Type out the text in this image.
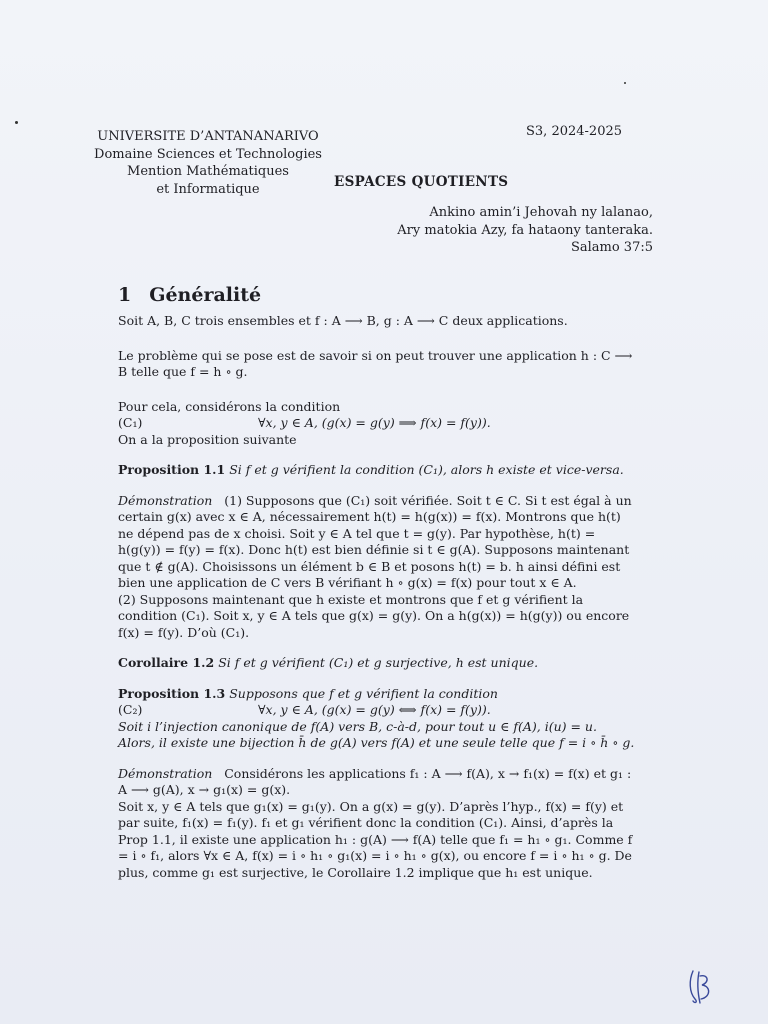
UNIVERSITE D’ANTANANARIVO
Domaine Sciences et Technologies
Mention Mathématiques
et Informatique
S3, 2024-2025
ESPACES QUOTIENTS
Ankino amin’i Jehovah ny lalanao,
Ary matokia Azy, fa hataony tanteraka.
Salamo 37:5
1 Généralité

Soit A, B, C trois ensembles et f : A ⟶ B, g : A ⟶ C deux applications.

Le problème qui se pose est de savoir si on peut trouver une application h : C ⟶ B telle que f = h ∘ g.

Pour cela, considérons la condition

(C₁)	∀x, y ∈ A, (g(x) = g(y) ⟹ f(x) = f(y)).

On a la proposition suivante

Proposition 1.1 Si f et g vérifient la condition (C₁), alors h existe et vice-versa.

Démonstration (1) Supposons que (C₁) soit vérifiée. Soit t ∈ C. Si t est égal à un certain g(x) avec x ∈ A, nécessairement h(t) = h(g(x)) = f(x). Montrons que h(t) ne dépend pas de x choisi. Soit y ∈ A tel que t = g(y). Par hypothèse, h(t) = h(g(y)) = f(y) = f(x). Donc h(t) est bien définie si t ∈ g(A). Supposons maintenant que t ∉ g(A). Choisissons un élément b ∈ B et posons h(t) = b. h ainsi défini est bien une application de C vers B vérifiant h ∘ g(x) = f(x) pour tout x ∈ A.

(2) Supposons maintenant que h existe et montrons que f et g vérifient la condition (C₁). Soit x, y ∈ A tels que g(x) = g(y). On a h(g(x)) = h(g(y)) ou encore f(x) = f(y). D’où (C₁).

Corollaire 1.2 Si f et g vérifient (C₁) et g surjective, h est unique.

Proposition 1.3 Supposons que f et g vérifient la condition

(C₂)	∀x, y ∈ A, (g(x) = g(y) ⟺ f(x) = f(y)).

Soit i l’injection canonique de f(A) vers B, c-à-d, pour tout u ∈ f(A), i(u) = u. Alors, il existe une bijection h̄ de g(A) vers f(A) et une seule telle que f = i ∘ h̄ ∘ g.

Démonstration Considérons les applications f₁ : A ⟶ f(A), x → f₁(x) = f(x) et g₁ : A ⟶ g(A), x → g₁(x) = g(x).

Soit x, y ∈ A tels que g₁(x) = g₁(y). On a g(x) = g(y). D’après l’hyp., f(x) = f(y) et par suite, f₁(x) = f₁(y). f₁ et g₁ vérifient donc la condition (C₁). Ainsi, d’après la Prop 1.1, il existe une application h₁ : g(A) ⟶ f(A) telle que f₁ = h₁ ∘ g₁. Comme f = i ∘ f₁, alors ∀x ∈ A, f(x) = i ∘ h₁ ∘ g₁(x) = i ∘ h₁ ∘ g(x), ou encore f = i ∘ h₁ ∘ g. De plus, comme g₁ est surjective, le Corollaire 1.2 implique que h₁ est unique.
